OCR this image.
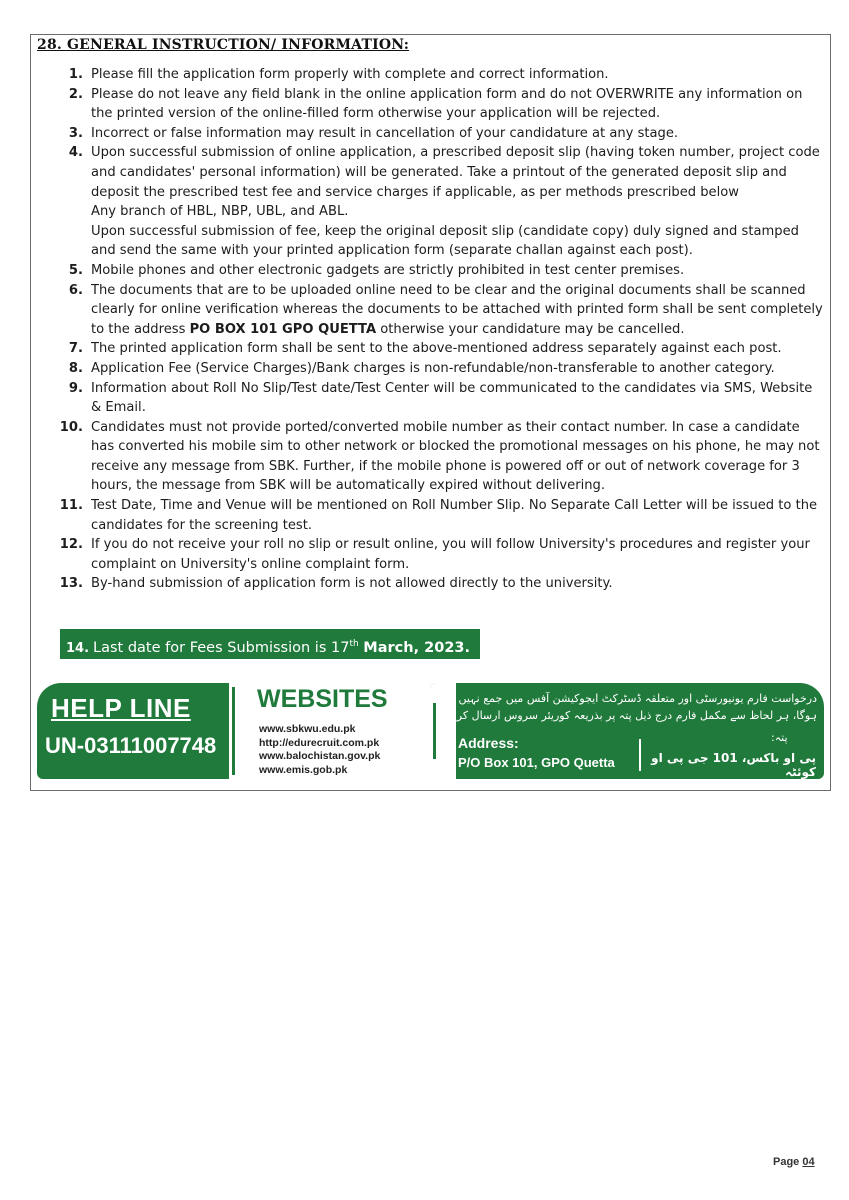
28. GENERAL INSTRUCTION/ INFORMATION:
1. Please fill the application form properly with complete and correct information.
2. Please do not leave any field blank in the online application form and do not OVERWRITE any information on the printed version of the online-filled form otherwise your application will be rejected.
3. Incorrect or false information may result in cancellation of your candidature at any stage.
4. Upon successful submission of online application, a prescribed deposit slip (having token number, project code and candidates' personal information) will be generated. Take a printout of the generated deposit slip and deposit the prescribed test fee and service charges if applicable, as per methods prescribed below
Any branch of HBL, NBP, UBL, and ABL.
Upon successful submission of fee, keep the original deposit slip (candidate copy) duly signed and stamped and send the same with your printed application form (separate challan against each post).
5. Mobile phones and other electronic gadgets are strictly prohibited in test center premises.
6. The documents that are to be uploaded online need to be clear and the original documents shall be scanned clearly for online verification whereas the documents to be attached with printed form shall be sent completely to the address PO BOX 101 GPO QUETTA otherwise your candidature may be cancelled.
7. The printed application form shall be sent to the above-mentioned address separately against each post.
8. Application Fee (Service Charges)/Bank charges is non-refundable/non-transferable to another category.
9. Information about Roll No Slip/Test date/Test Center will be communicated to the candidates via SMS, Website & Email.
10. Candidates must not provide ported/converted mobile number as their contact number. In case a candidate has converted his mobile sim to other network or blocked the promotional messages on his phone, he may not receive any message from SBK. Further, if the mobile phone is powered off or out of network coverage for 3 hours, the message from SBK will be automatically expired without delivering.
11. Test Date, Time and Venue will be mentioned on Roll Number Slip. No Separate Call Letter will be issued to the candidates for the screening test.
12. If you do not receive your roll no slip or result online, you will follow University's procedures and register your complaint on University's online complaint form.
13. By-hand submission of application form is not allowed directly to the university.
14. Last date for Fees Submission is 17th March, 2023.
HELP LINE
UN-03111007748
WEBSITES
www.sbkwu.edu.pk
http://edurecruit.com.pk
www.balochistan.gov.pk
www.emis.gob.pk
درخواست فارم یونیورسٹی اور متعلقہ ڈسٹرکٹ ایجوکیشن آفس میں جمع نہیں ہوگا، ہر لحاظ سے مکمل فارم درج ذیل پتہ پر بذریعہ کوریئر سروس ارسال کریں۔
Address:
P/O Box 101, GPO Quetta
پتہ:
پی او باکس، 101 جی پی او کوئٹہ
Page 04
